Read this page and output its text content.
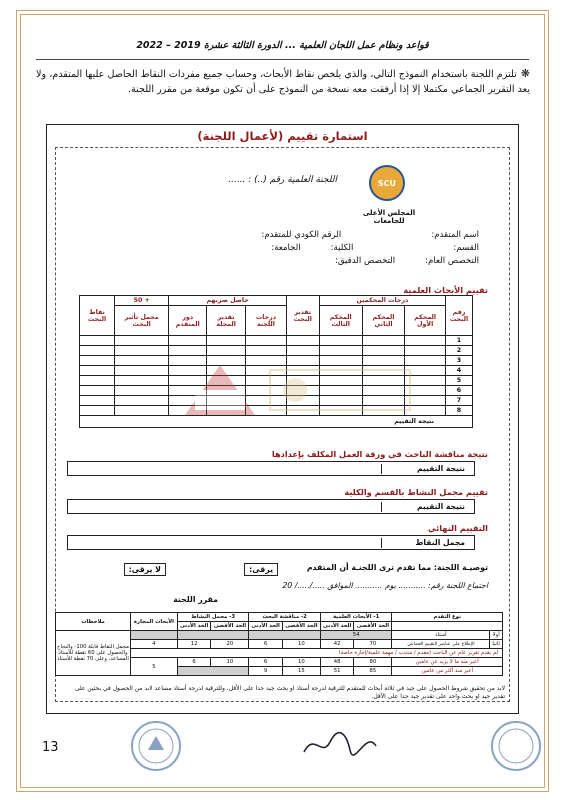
قواعد ونظام عمل اللجان العلمية ... الدورة الثالثة عشرة 2019 – 2022
❋تلتزم اللجنة باستخدام النموذج التالي، والذي يلخص نقاط الأبحاث، وحساب جميع مفردات النقاط الحاصل عليها المتقدم، ولا يعد التقرير الجماعي مكتملا إلا إذا أرفقت معه نسخة من النموذج على أن تكون موقعة من مقرر اللجنة.
استمارة تقييم (لأعمال اللجنة)
SCU
المجلس الأعلى للجامعات
اللجنة العلمية رقم (..) : ......
اسم المتقدم:
الرقم الكودي للمتقدم:
القسم:
الكلية:
الجامعة:
التخصص العام:
التخصص الدقيق:
تقييم الأبحاث العلمية
رقم البحث	درجات المحكمين			تقدير البحث	حاصل ضربهم			+ 50	نقاط البحث
	المحكم الأول	المحكم الثاني	المحكم الثالث		درجات اللجنة	تقدير المجلة	دور المتقدم	مجمل تأثير البحث	
1									
2									
3									
4									
5									
6									
7									
8									
نتيجة التقييم									
نتيجة مناقشة الباحث في ورقة العمل المكلف بإعدادها
نتيجة التقييم
تقييم مجمل النشاط بالقسم والكلية
نتيجة التقييم
التقييم النهائي
مجمل النقاط
توصيـة اللجنة: مما تقدم ترى اللجنـة أن المتقدم
يرقى:
لا يرقى:
اجتماع اللجنة رقم: ........... يوم ........... الموافق ...../...../ 20
مقرر اللجنة
نوع التقدم		1- الأبحاث العلمية		2- مناقشة البحث		3- مجمل النشاط		الأبحاث المجازة	ملاحظات
		الحد الأقصى	الحد الأدنى	الحد الأقصى	الحد الأدنى	الحد الأقصى	الحد الأدنى		
أولا	أستاذ	54							مجمل النقاط قابلة 100- والنجاح والحصول على 60 نقطة للأستاذ المساعد، وعلى 70 نقطة للأستاذ
ثانيا	الإطلاع على عناصر التقييم الجماعي	70	42	10	6	20	12	4	
لم يقدم تقرير عام عن الباحث (مقدم / منتدب / مهمة علمية/إجازة خاصة)									
أعير منذ ما لا يزيد عن عامين		80	48	10	6	10	6	5	
أعير منذ أكثر من عامين		85	51	15	9				
لابد من تحقيق شروط الحصول على جيد في ثلاثة أبحاث للمتقدم للترقية لدرجة أستاذ او بحث جيد جدا على الأقل، وللترقية لدرجة أستاذ مساعد لابد من الحصول في بحثين على تقدير جيد او بحث واحد على تقدير جيد جدا على الأقل.
13
